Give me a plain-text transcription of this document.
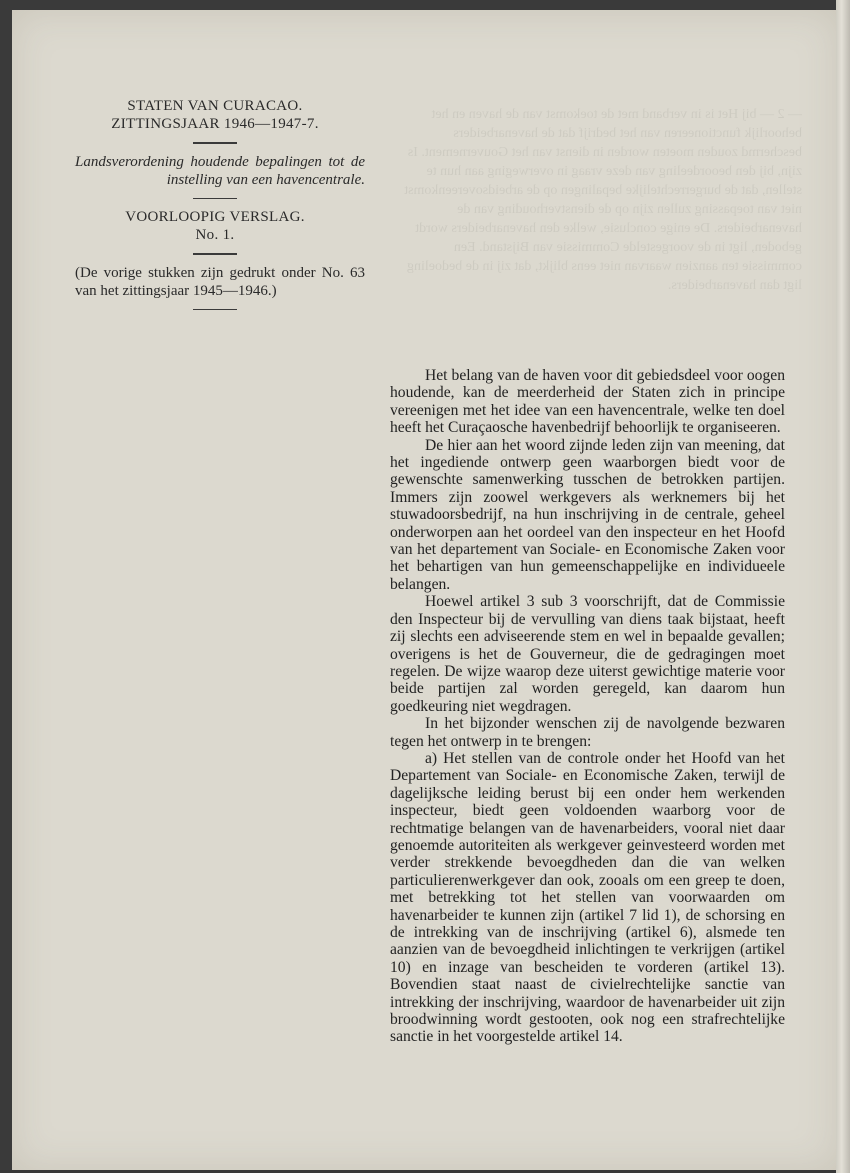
— 2 — bij Het is in verband met de toekomst van de haven en het behoorlijk functioneeren van het bedrijf dat de havenarbeiders beschermd zouden moeten worden in dienst van het Gouvernement. Is zijn, bij den beoordeeling van deze vraag in overweging aan hun te stellen, dat de burgerrechtelijke bepalingen op de arbeidsovereenkomst niet van toepassing zullen zijn op de dienstverhouding van de havenarbeiders. De enige conclusie, welke den havenarbeiders wordt geboden, ligt in de voorgestelde Commissie van Bijstand. Een commissie ten aanzien waarvan niet eens blijkt, dat zij in de bedoeling ligt dan havenarbeiders.
STATEN VAN CURACAO.
ZITTINGSJAAR 1946—1947-7.
Landsverordening houdende bepalingen tot de instelling van een havencentrale.
VOORLOOPIG VERSLAG.
No. 1.
(De vorige stukken zijn gedrukt onder No. 63 van het zittingsjaar 1945—1946.)

Het belang van de haven voor dit gebiedsdeel voor oogen houdende, kan de meerderheid der Staten zich in principe vereenigen met het idee van een havencentrale, welke ten doel heeft het Curaçaosche havenbedrijf behoorlijk te organiseeren.

De hier aan het woord zijnde leden zijn van meening, dat het ingediende ontwerp geen waarborgen biedt voor de gewenschte samenwerking tusschen de betrokken partijen. Immers zijn zoowel werkgevers als werknemers bij het stuwadoorsbedrijf, na hun inschrijving in de centrale, geheel onderworpen aan het oordeel van den inspecteur en het Hoofd van het departement van Sociale- en Economische Zaken voor het behartigen van hun gemeenschappelijke en individueele belangen.

Hoewel artikel 3 sub 3 voorschrijft, dat de Commissie den Inspecteur bij de vervulling van diens taak bijstaat, heeft zij slechts een adviseerende stem en wel in bepaalde gevallen; overigens is het de Gouverneur, die de gedragingen moet regelen. De wijze waarop deze uiterst gewichtige materie voor beide partijen zal worden geregeld, kan daarom hun goedkeuring niet wegdragen.

In het bijzonder wenschen zij de navolgende bezwaren tegen het ontwerp in te brengen:

a) Het stellen van de controle onder het Hoofd van het Departement van Sociale- en Economische Zaken, terwijl de dagelijksche leiding berust bij een onder hem werkenden inspecteur, biedt geen voldoenden waarborg voor de rechtmatige belangen van de havenarbeiders, vooral niet daar genoemde autoriteiten als werkgever geinvesteerd worden met verder strekkende bevoegdheden dan die van welken particulierenwerkgever dan ook, zooals om een greep te doen, met betrekking tot het stellen van voorwaarden om havenarbeider te kunnen zijn (artikel 7 lid 1), de schorsing en de intrekking van de inschrijving (artikel 6), alsmede ten aanzien van de bevoegdheid inlichtingen te verkrijgen (artikel 10) en inzage van bescheiden te vorderen (artikel 13). Bovendien staat naast de civielrechtelijke sanctie van intrekking der inschrijving, waardoor de havenarbeider uit zijn broodwinning wordt gestooten, ook nog een strafrechtelijke sanctie in het voorgestelde artikel 14.
